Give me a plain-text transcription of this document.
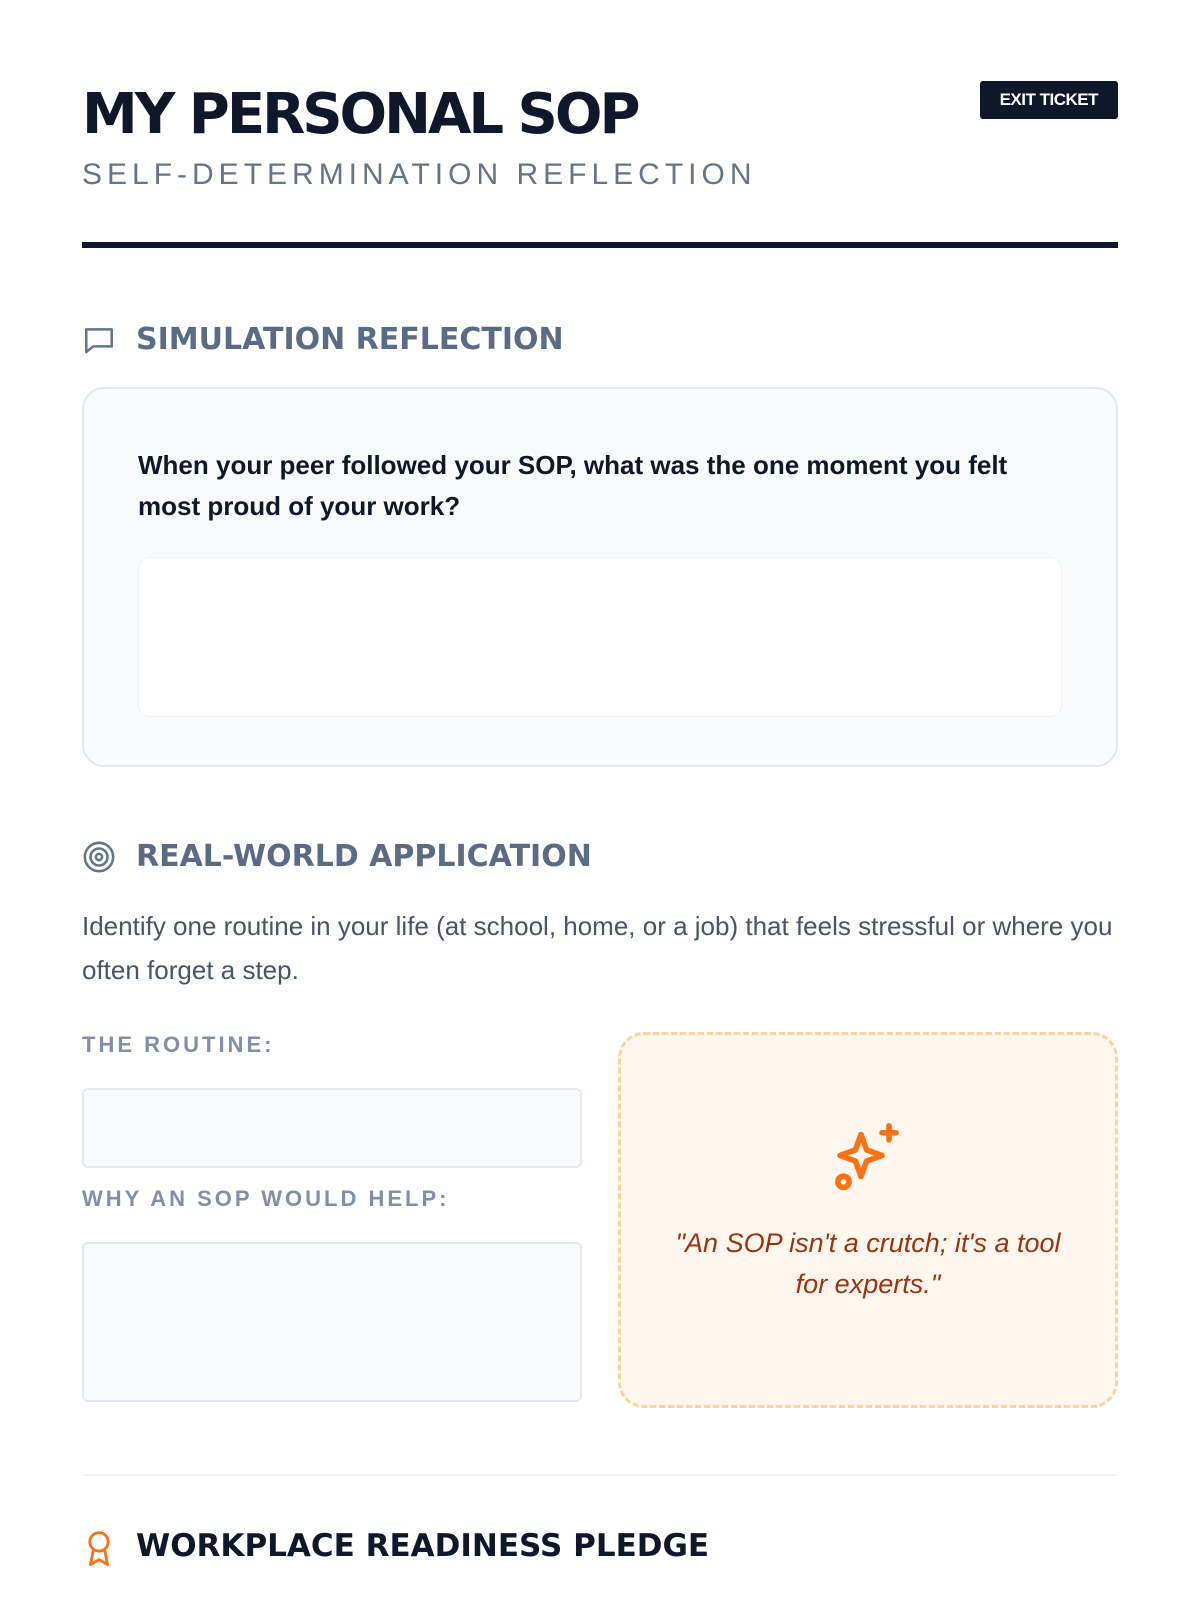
MY PERSONAL SOP
SELF-DETERMINATION REFLECTION
EXIT TICKET
SIMULATION REFLECTION

When your peer followed your SOP, what was the one moment you felt most proud of your work?

REAL-WORLD APPLICATION

Identify one routine in your life (at school, home, or a job) that feels stressful or where you often forget a step.

THE ROUTINE:
WHY AN SOP WOULD HELP:

"An SOP isn't a crutch; it's a tool for experts."

WORKPLACE READINESS PLEDGE
